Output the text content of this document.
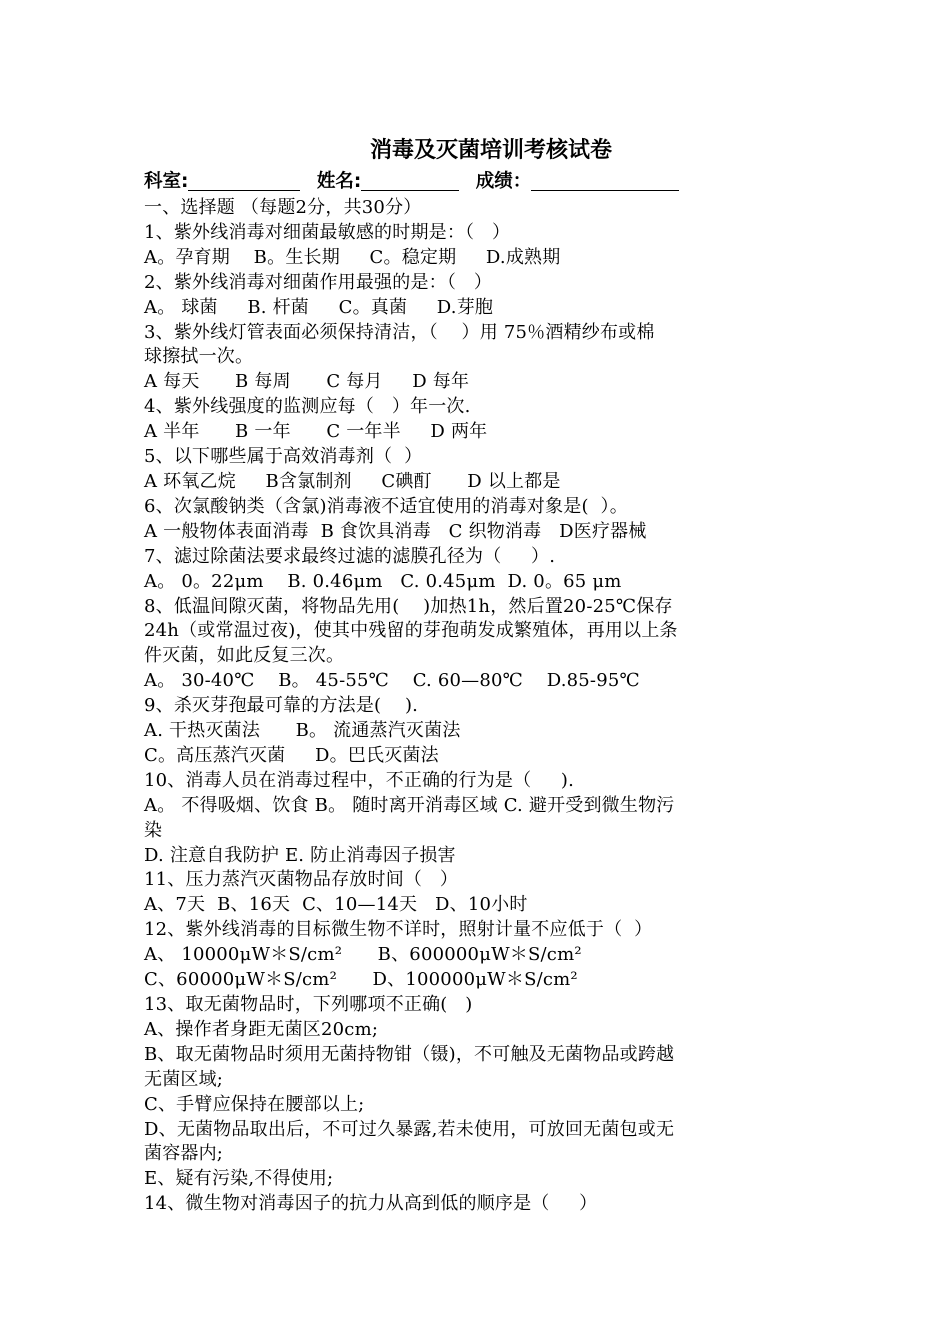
消毒及灭菌培训考核试卷
科室:	姓名:	成绩：
一、选择题 （每题2分，共30分）
1、紫外线消毒对细菌最敏感的时期是：（   ）
A。孕育期    B。生长期     C。稳定期     D.成熟期
2、紫外线消毒对细菌作用最强的是：（   ）
A。 球菌     B. 杆菌     C。真菌     D.芽胞
3、紫外线灯管表面必须保持清洁，（    ）用 75％酒精纱布或棉
球擦拭一次。
A 每天      B 每周      C 每月     D 每年
4、紫外线强度的监测应每（   ）年一次.
A 半年      B 一年      C 一年半     D 两年
5、以下哪些属于高效消毒剂（  ）
A 环氧乙烷     B含氯制剂     C碘酊      D 以上都是
6、次氯酸钠类（含氯)消毒液不适宜使用的消毒对象是(  ）。
A 一般物体表面消毒  B 食饮具消毒   C 织物消毒   D医疗器械
7、滤过除菌法要求最终过滤的滤膜孔径为（     ）.
A。 0。22μm    B. 0.46μm   C. 0.45μm  D. 0。65 μm
8、低温间隙灭菌，将物品先用(    )加热1h，然后置20-25℃保存
24h（或常温过夜)，使其中残留的芽孢萌发成繁殖体，再用以上条
件灭菌，如此反复三次。
A。 30-40℃    B。 45-55℃    C. 60—80℃    D.85-95℃
9、杀灭芽孢最可靠的方法是(    ).
A. 干热灭菌法      B。 流通蒸汽灭菌法
C。高压蒸汽灭菌     D。巴氏灭菌法
10、消毒人员在消毒过程中，不正确的行为是（     ).
A。 不得吸烟、饮食 B。 随时离开消毒区域 C. 避开受到微生物污
染
D. 注意自我防护 E. 防止消毒因子损害
11、压力蒸汽灭菌物品存放时间（   ）
A、7天  B、16天  C、10—14天   D、10小时
12、紫外线消毒的目标微生物不详时，照射计量不应低于（  ）
A、 10000μW＊S/cm²      B、600000μW＊S/cm²
C、60000μW＊S/cm²      D、100000μW＊S/cm²
13、取无菌物品时，下列哪项不正确(   )
A、操作者身距无菌区20cm;
B、取无菌物品时须用无菌持物钳（镊)，不可触及无菌物品或跨越
无菌区域;
C、手臂应保持在腰部以上;
D、无菌物品取出后，不可过久暴露,若未使用，可放回无菌包或无
菌容器内;
E、疑有污染,不得使用;
14、微生物对消毒因子的抗力从高到低的顺序是（     ）
